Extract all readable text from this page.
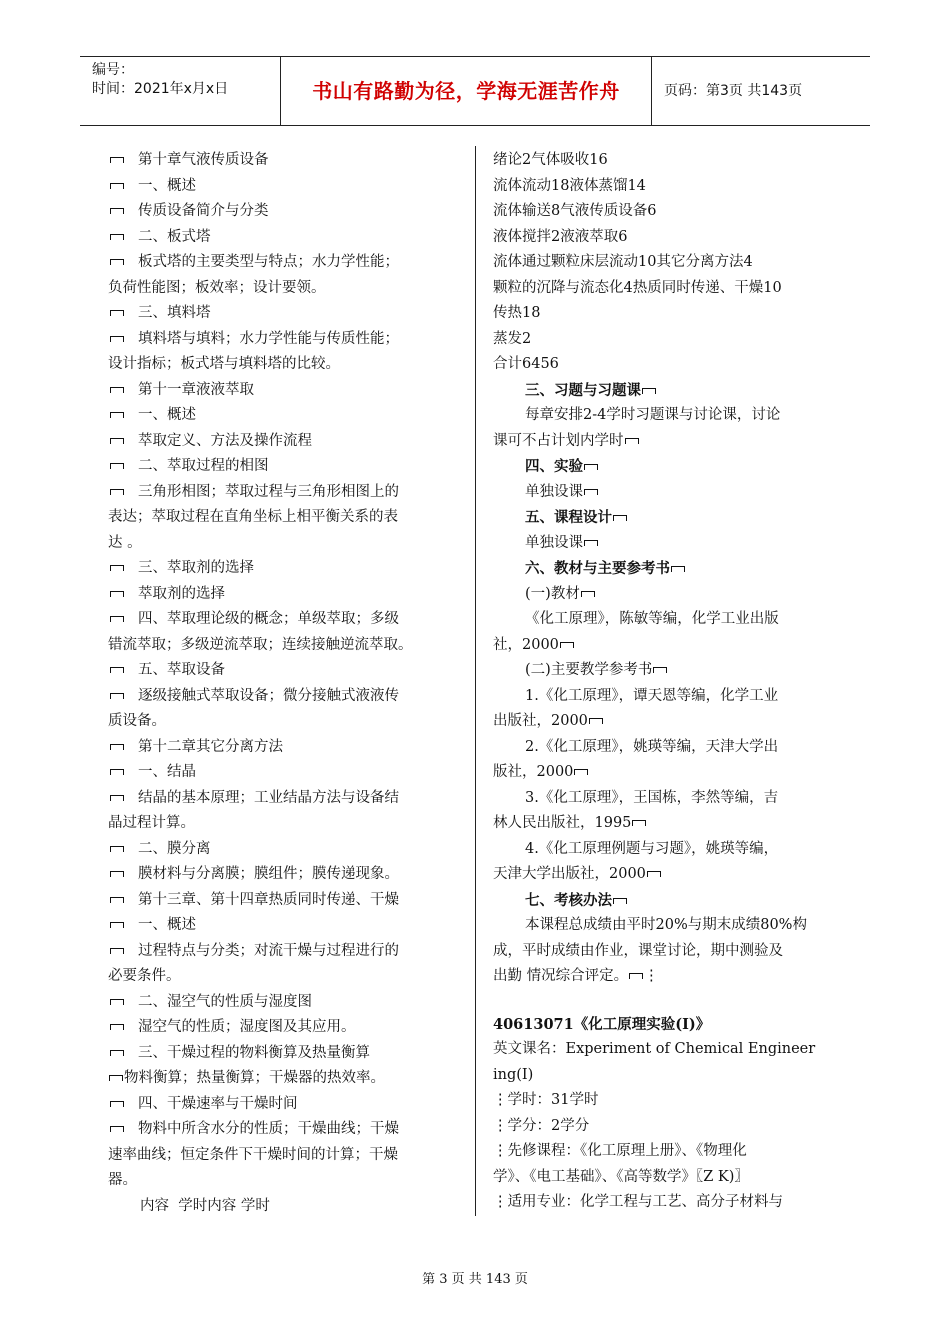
编号：
时间：2021年x月x日	书山有路勤为径，学海无涯苦作舟	页码：第3页 共143页

第十章气液传质设备

一、概述

传质设备简介与分类

二、板式塔

板式塔的主要类型与特点；水力学性能；

负荷性能图；板效率；设计要领。

三、填料塔

填料塔与填料；水力学性能与传质性能；

设计指标；板式塔与填料塔的比较。

第十一章液液萃取

一、概述

萃取定义、方法及操作流程

二、萃取过程的相图

三角形相图；萃取过程与三角形相图上的

表达；萃取过程在直角坐标上相平衡关系的表

达 。

三、萃取剂的选择

萃取剂的选择

四、萃取理论级的概念；单级萃取；多级

错流萃取；多级逆流萃取；连续接触逆流萃取。

五、萃取设备

逐级接触式萃取设备；微分接触式液液传

质设备。

第十二章其它分离方法

一、结晶

结晶的基本原理；工业结晶方法与设备结

晶过程计算。

二、膜分离

膜材料与分离膜；膜组件；膜传递现象。

第十三章、第十四章热质同时传递、干燥

一、概述

过程特点与分类；对流干燥与过程进行的

必要条件。

二、湿空气的性质与湿度图

湿空气的性质；湿度图及其应用。

三、干燥过程的物料衡算及热量衡算

物料衡算；热量衡算；干燥器的热效率。

四、干燥速率与干燥时间

物料中所含水分的性质；干燥曲线；干燥

速率曲线；恒定条件下干燥时间的计算；干燥

器。

内容  学时内容 学时

绪论2气体吸收16

流体流动18液体蒸馏14

流体输送8气液传质设备6

液体搅拌2液液萃取6

流体通过颗粒床层流动10其它分离方法4

颗粒的沉降与流态化4热质同时传递、干燥10

传热18

蒸发2

合计6456

三、习题与习题课

每章安排2-4学时习题课与讨论课，讨论

课可不占计划内学时

四、实验

单独设课

五、课程设计

单独设课

六、教材与主要参考书

(一)教材

《化工原理》，陈敏等编，化学工业出版

社，2000

(二)主要教学参考书

1.《化工原理》，谭天恩等编，化学工业

出版社，2000

2.《化工原理》，姚瑛等编，天津大学出

版社，2000

3.《化工原理》，王国栋，李然等编，吉

林人民出版社，1995

4.《化工原理例题与习题》，姚瑛等编，

天津大学出版社，2000

七、考核办法

本课程总成绩由平时20%与期末成绩80%构

成，平时成绩由作业，课堂讨论，期中测验及

出勤 情况综合评定。 ⋮

40613071《化工原理实验(Ⅰ)》

英文课名：Experiment of Chemical Engineer

ing(Ⅰ)

⋮学时：31学时

⋮学分：2学分

⋮先修课程：《化工原理上册》、《物理化

学》、《电工基础》、《高等数学》〖Z K)〗

⋮适用专业：化学工程与工艺、高分子材料与

第 3 页 共 143 页
